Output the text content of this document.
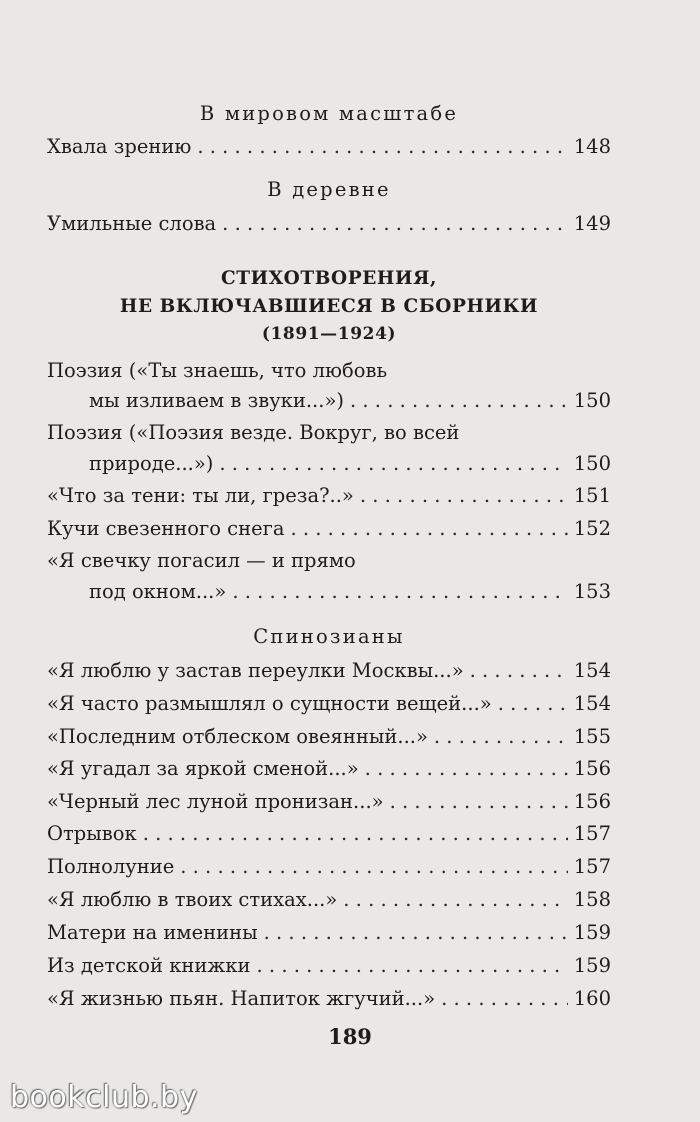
В мировом масштабе
Хвала зрению . . .	148
В деревне
Умильные слова . . .	149
СТИХОТВОРЕНИЯ,
НЕ ВКЛЮЧАВШИЕСЯ В СБОРНИКИ
(1891—1924)
Поэзия («Ты знаешь, что любовь
мы изливаем в звуки...») . . .	150
Поэзия («Поэзия везде. Вокруг, во всей
природе...») . . .	150
«Что за тени: ты ли, греза?..» . . .	151
Кучи свезенного снега . . .	152
«Я свечку погасил — и прямо
под окном...» . . .	153
Спинозианы
«Я люблю у застав переулки Москвы...» . . .	154
«Я часто размышлял о сущности вещей...» . . .	154
«Последним отблеском овеянный...» . . .	155
«Я угадал за яркой сменой...» . . .	156
«Черный лес луной пронизан...» . . .	156
Отрывок . . .	157
Полнолуние . . .	157
«Я люблю в твоих стихах...» . . .	158
Матери на именины . . .	159
Из детской книжки . . .	159
«Я жизнью пьян. Напиток жгучий...» . . .	160
189
bookclub.by
